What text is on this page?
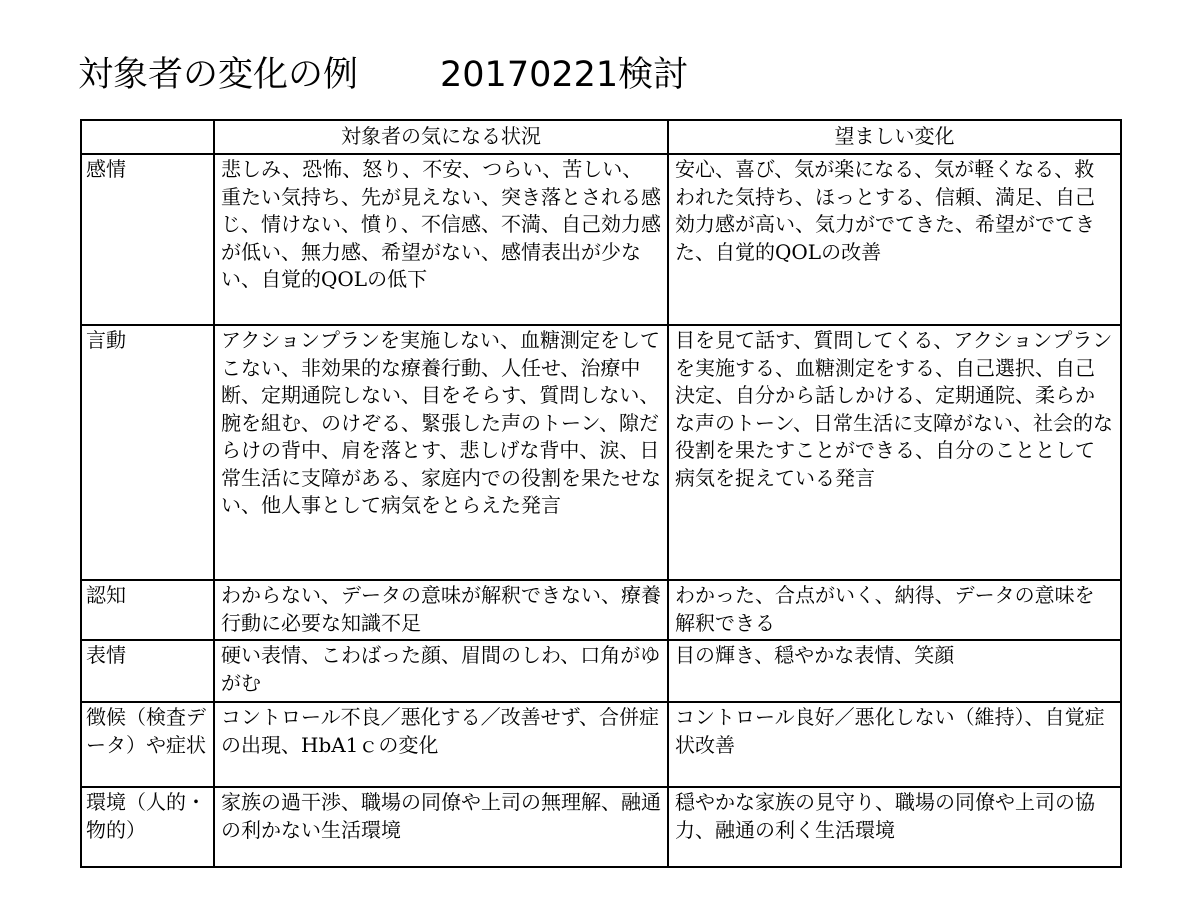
対象者の変化の例 20170221検討
	対象者の気になる状況	望ましい変化
感情	悲しみ、恐怖、怒り、不安、つらい、苦しい、重たい気持ち、先が見えない、突き落とされる感じ、情けない、憤り、不信感、不満、自己効力感が低い、無力感、希望がない、感情表出が少ない、自覚的QOLの低下	安心、喜び、気が楽になる、気が軽くなる、救われた気持ち、ほっとする、信頼、満足、自己効力感が高い、気力がでてきた、希望がでてきた、自覚的QOLの改善
言動	アクションプランを実施しない、血糖測定をしてこない、非効果的な療養行動、人任せ、治療中断、定期通院しない、目をそらす、質問しない、腕を組む、のけぞる、緊張した声のトーン、隙だらけの背中、肩を落とす、悲しげな背中、涙、日常生活に支障がある、家庭内での役割を果たせない、他人事として病気をとらえた発言	目を見て話す、質問してくる、アクションプランを実施する、血糖測定をする、自己選択、自己決定、自分から話しかける、定期通院、柔らかな声のトーン、日常生活に支障がない、社会的な役割を果たすことができる、自分のこととして病気を捉えている発言
認知	わからない、データの意味が解釈できない、療養行動に必要な知識不足	わかった、合点がいく、納得、データの意味を解釈できる
表情	硬い表情、こわばった顔、眉間のしわ、口角がゆがむ	目の輝き、穏やかな表情、笑顔
徴候（検査データ）や症状	コントロール不良／悪化する／改善せず、合併症の出現、HbA1ｃの変化	コントロール良好／悪化しない（維持）、自覚症状改善
環境（人的・物的）	家族の過干渉、職場の同僚や上司の無理解、融通の利かない生活環境	穏やかな家族の見守り、職場の同僚や上司の協力、融通の利く生活環境
